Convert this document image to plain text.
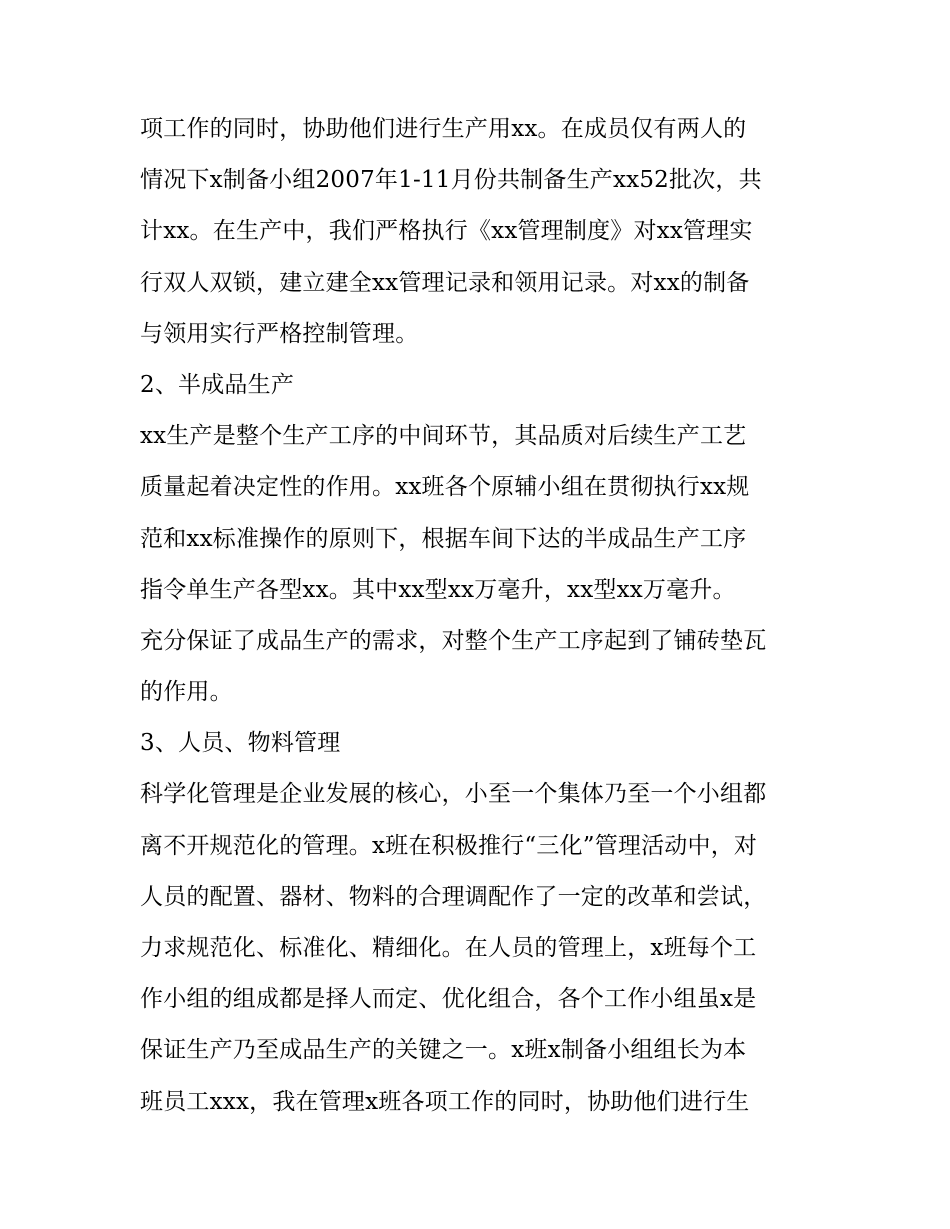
项工作的同时，协助他们进行生产用xx。在成员仅有两人的
情况下x制备小组2007年1-11月份共制备生产xx52批次，共
计xx。在生产中，我们严格执行《xx管理制度》对xx管理实
行双人双锁，建立建全xx管理记录和领用记录。对xx的制备
与领用实行严格控制管理。
2、半成品生产
xx生产是整个生产工序的中间环节，其品质对后续生产工艺
质量起着决定性的作用。xx班各个原辅小组在贯彻执行xx规
范和xx标准操作的原则下，根据车间下达的半成品生产工序
指令单生产各型xx。其中xx型xx万毫升，xx型xx万毫升。
充分保证了成品生产的需求，对整个生产工序起到了铺砖垫瓦
的作用。
3、人员、物料管理
科学化管理是企业发展的核心，小至一个集体乃至一个小组都
离不开规范化的管理。x班在积极推行“三化”管理活动中，对
人员的配置、器材、物料的合理调配作了一定的改革和尝试，
力求规范化、标准化、精细化。在人员的管理上，x班每个工
作小组的组成都是择人而定、优化组合，各个工作小组虽x是
保证生产乃至成品生产的关键之一。x班x制备小组组长为本
班员工xxx，我在管理x班各项工作的同时，协助他们进行生
